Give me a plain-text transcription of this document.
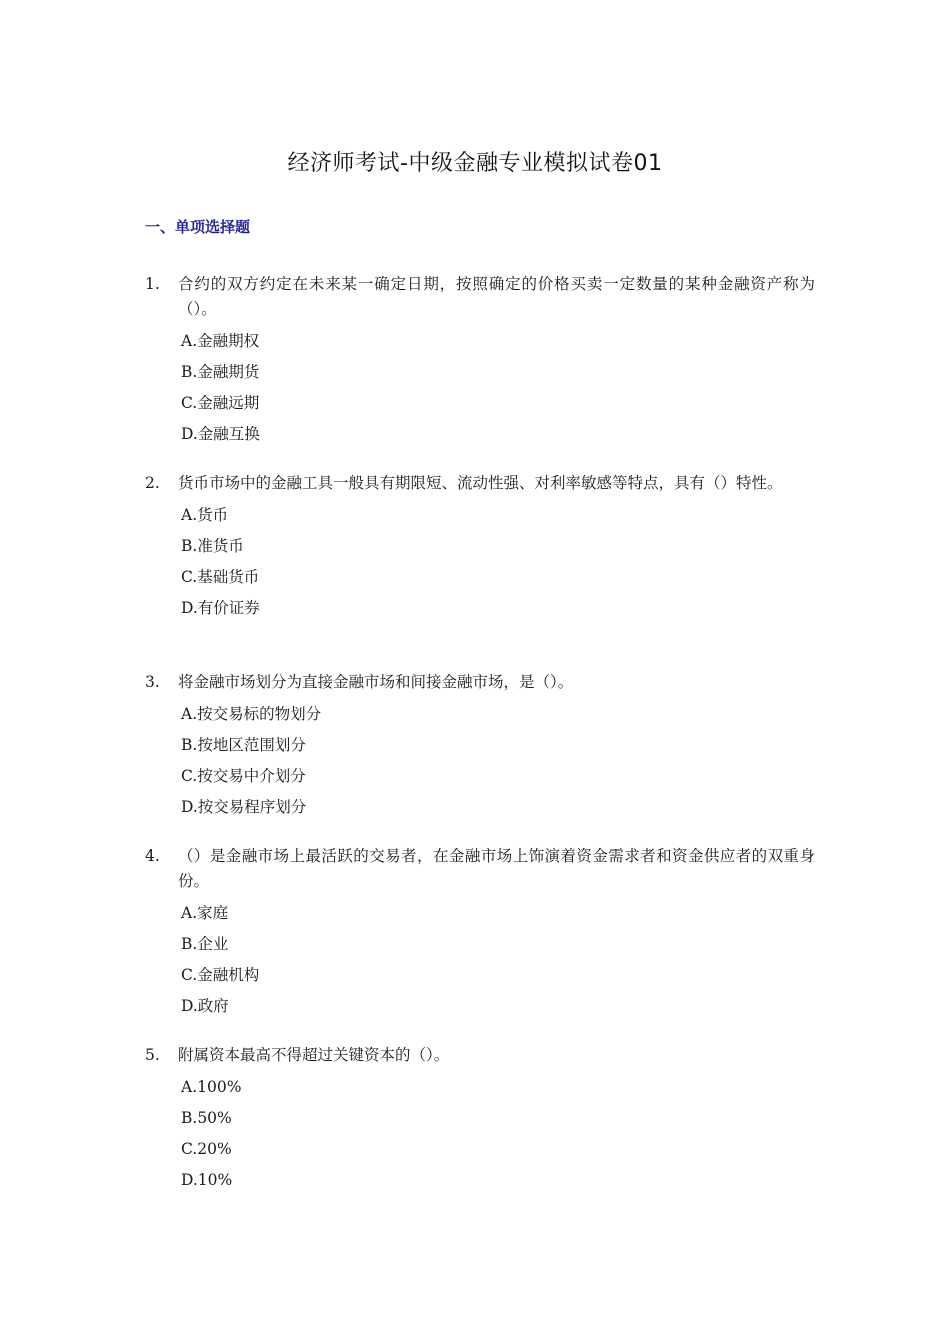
经济师考试-中级金融专业模拟试卷01
一、单项选择题
1.	合约的双方约定在未来某一确定日期，按照确定的价格买卖一定数量的某种金融资产称为（）。
A.金融期权
B.金融期货
C.金融远期
D.金融互换
2.	货币市场中的金融工具一般具有期限短、流动性强、对利率敏感等特点，具有（）特性。
A.货币
B.准货币
C.基础货币
D.有价证券
3.	将金融市场划分为直接金融市场和间接金融市场，是（）。
A.按交易标的物划分
B.按地区范围划分
C.按交易中介划分
D.按交易程序划分
4.	（）是金融市场上最活跃的交易者，在金融市场上饰演着资金需求者和资金供应者的双重身份。
A.家庭
B.企业
C.金融机构
D.政府
5.	附属资本最高不得超过关键资本的（）。
A.100%
B.50%
C.20%
D.10%
